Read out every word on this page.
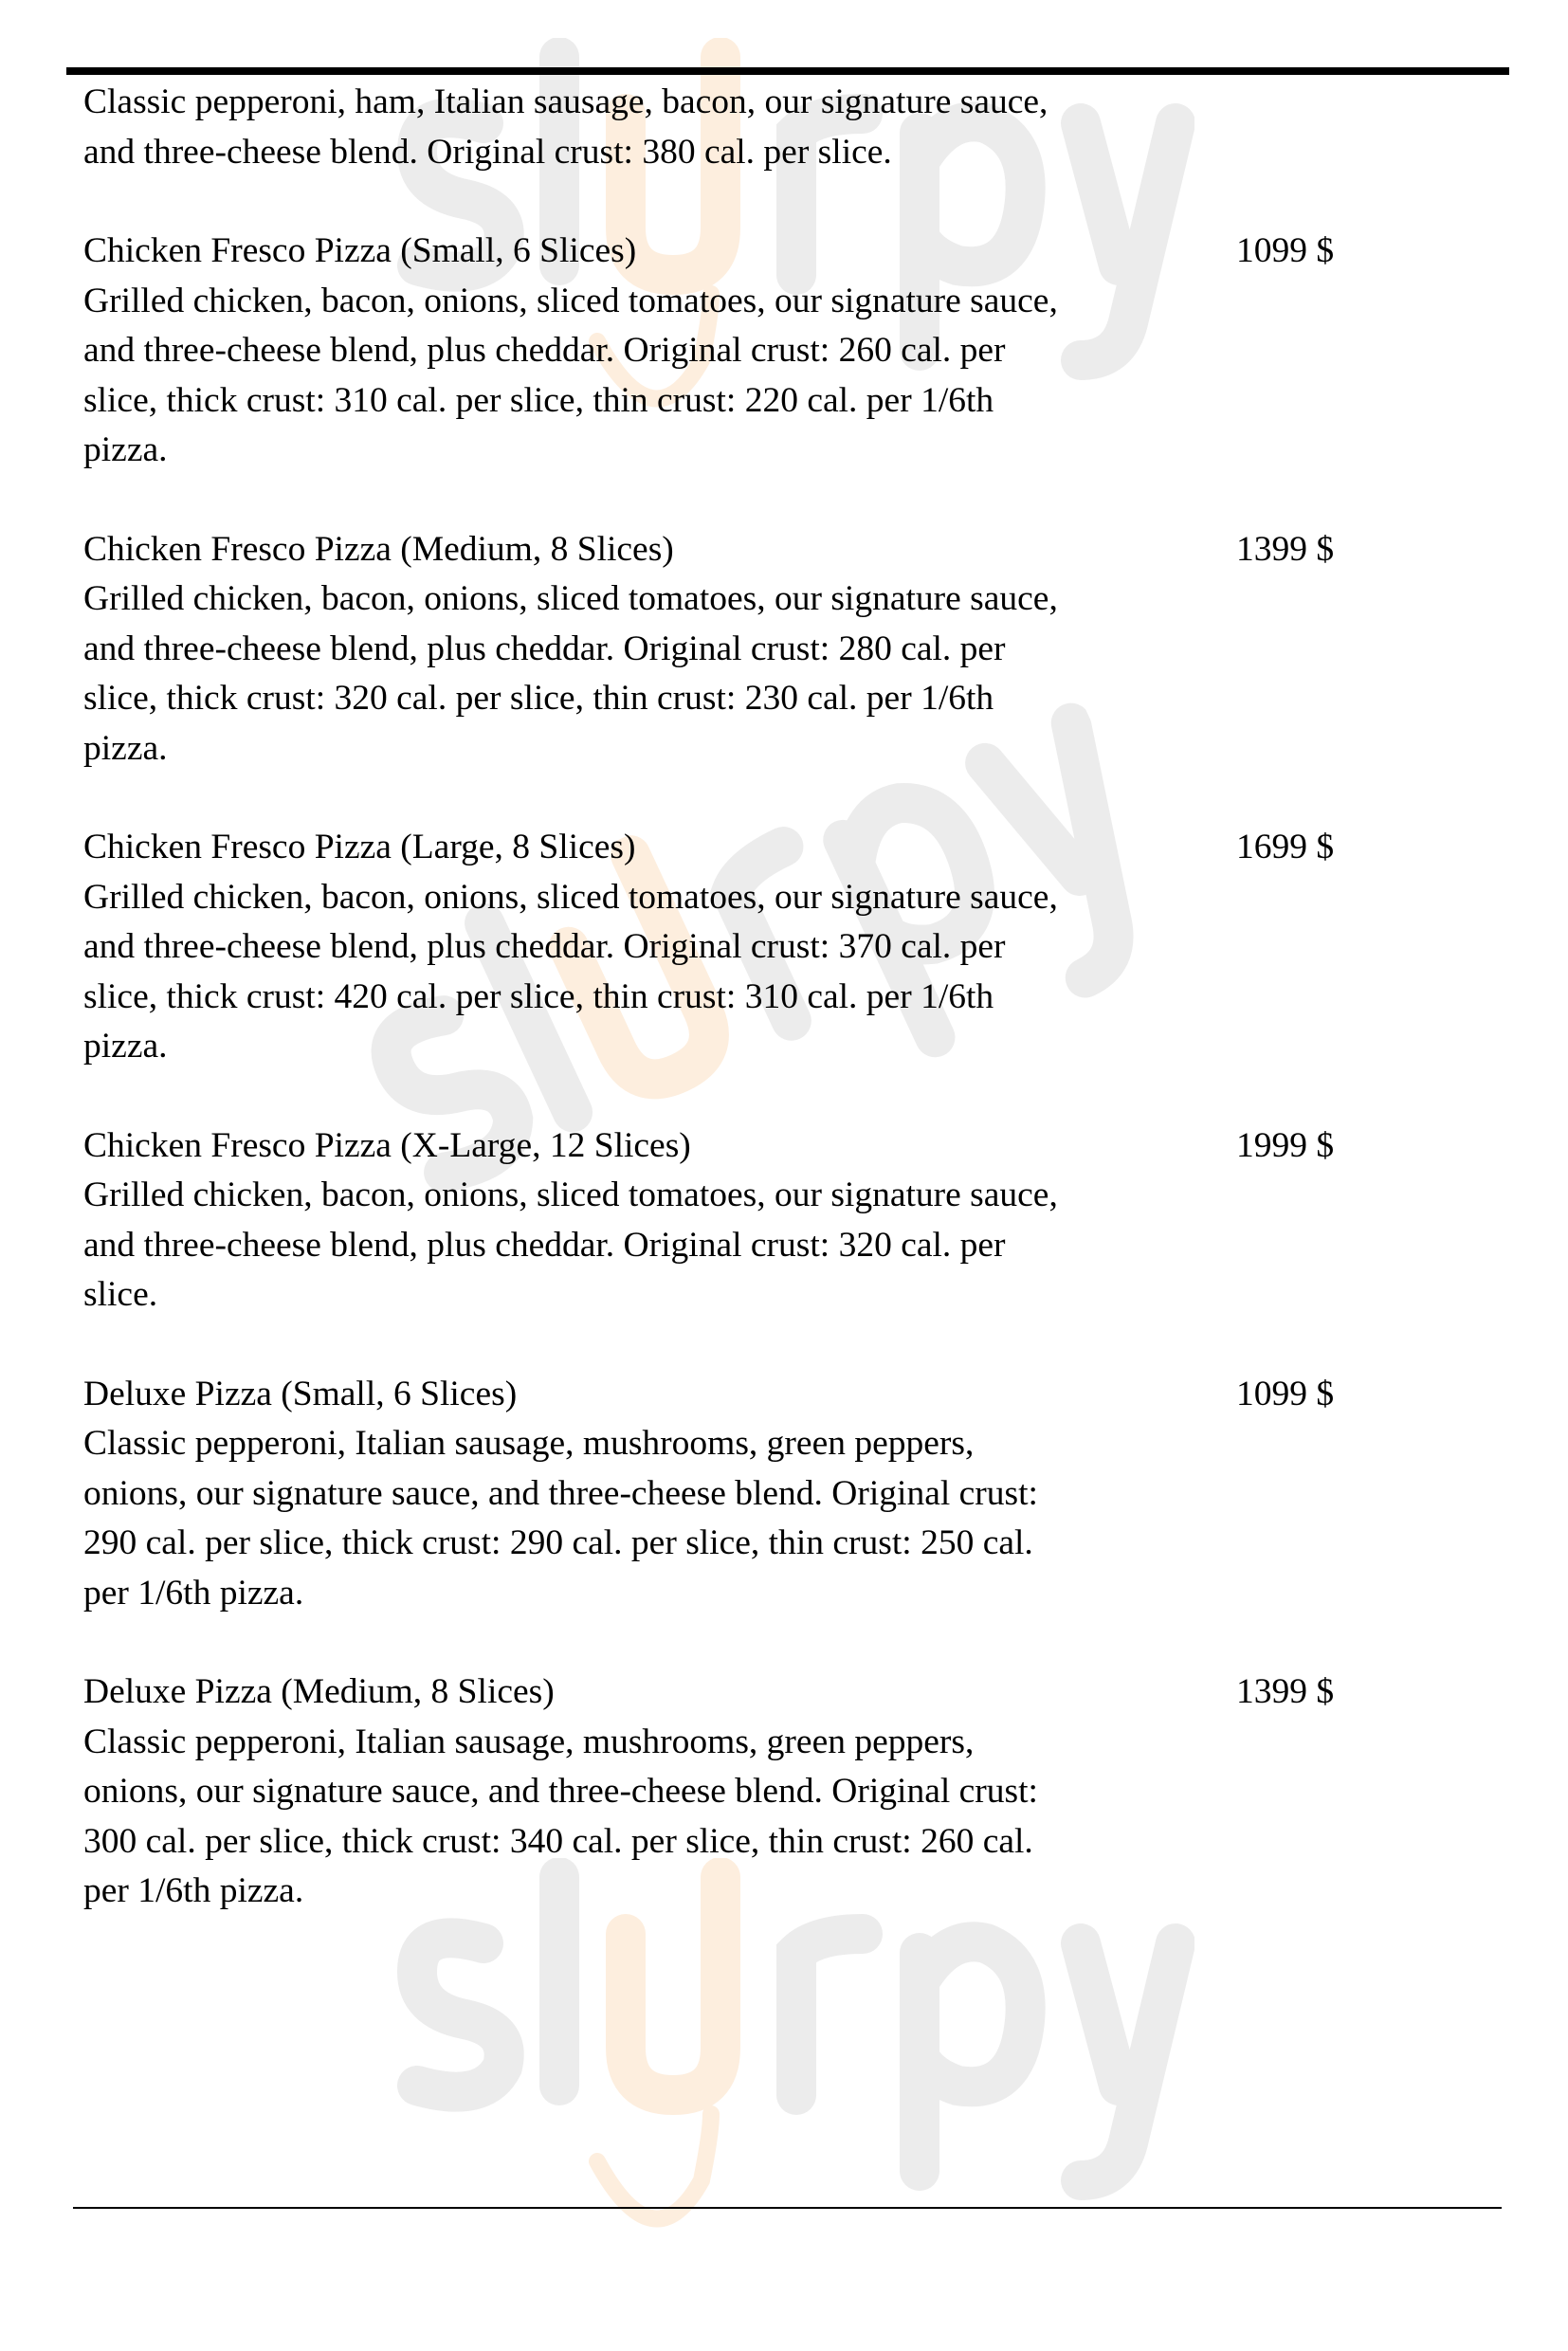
Classic pepperoni, ham, Italian sausage, bacon, our signature sauce,
and three-cheese blend. Original crust: 380 cal. per slice.
Chicken Fresco Pizza (Small, 6 Slices)	1099 $
Grilled chicken, bacon, onions, sliced tomatoes, our signature sauce,
and three-cheese blend, plus cheddar. Original crust: 260 cal. per
slice, thick crust: 310 cal. per slice, thin crust: 220 cal. per 1/6th
pizza.
Chicken Fresco Pizza (Medium, 8 Slices)	1399 $
Grilled chicken, bacon, onions, sliced tomatoes, our signature sauce,
and three-cheese blend, plus cheddar. Original crust: 280 cal. per
slice, thick crust: 320 cal. per slice, thin crust: 230 cal. per 1/6th
pizza.
Chicken Fresco Pizza (Large, 8 Slices)	1699 $
Grilled chicken, bacon, onions, sliced tomatoes, our signature sauce,
and three-cheese blend, plus cheddar. Original crust: 370 cal. per
slice, thick crust: 420 cal. per slice, thin crust: 310 cal. per 1/6th
pizza.
Chicken Fresco Pizza (X-Large, 12 Slices)	1999 $
Grilled chicken, bacon, onions, sliced tomatoes, our signature sauce,
and three-cheese blend, plus cheddar. Original crust: 320 cal. per
slice.
Deluxe Pizza (Small, 6 Slices)	1099 $
Classic pepperoni, Italian sausage, mushrooms, green peppers,
onions, our signature sauce, and three-cheese blend. Original crust:
290 cal. per slice, thick crust: 290 cal. per slice, thin crust: 250 cal.
per 1/6th pizza.
Deluxe Pizza (Medium, 8 Slices)	1399 $
Classic pepperoni, Italian sausage, mushrooms, green peppers,
onions, our signature sauce, and three-cheese blend. Original crust:
300 cal. per slice, thick crust: 340 cal. per slice, thin crust: 260 cal.
per 1/6th pizza.
